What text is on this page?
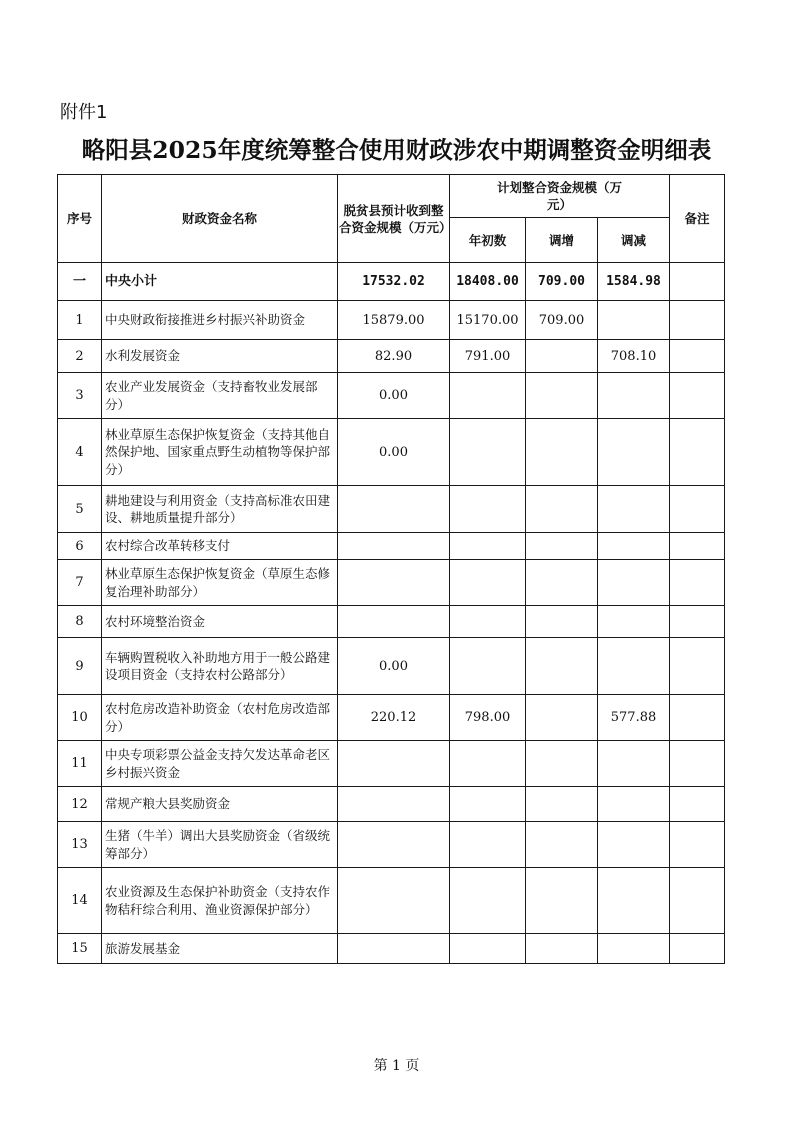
附件1
略阳县2025年度统筹整合使用财政涉农中期调整资金明细表
序号	财政资金名称	脱贫县预计收到整合资金规模（万元）	计划整合资金规模（万元）			备注
			年初数	调增	调减	
一	中央小计	17532.02	18408.00	709.00	1584.98	
1	中央财政衔接推进乡村振兴补助资金	15879.00	15170.00	709.00		
2	水利发展资金	82.90	791.00		708.10	
3	农业产业发展资金（支持畜牧业发展部分）	0.00				
4	林业草原生态保护恢复资金（支持其他自然保护地、国家重点野生动植物等保护部分）	0.00				
5	耕地建设与利用资金（支持高标准农田建设、耕地质量提升部分）					
6	农村综合改革转移支付					
7	林业草原生态保护恢复资金（草原生态修复治理补助部分）					
8	农村环境整治资金					
9	车辆购置税收入补助地方用于一般公路建设项目资金（支持农村公路部分）	0.00				
10	农村危房改造补助资金（农村危房改造部分）	220.12	798.00		577.88	
11	中央专项彩票公益金支持欠发达革命老区乡村振兴资金					
12	常规产粮大县奖励资金					
13	生猪（牛羊）调出大县奖励资金（省级统筹部分）					
14	农业资源及生态保护补助资金（支持农作物秸秆综合利用、渔业资源保护部分）					
15	旅游发展基金					
第 1 页
